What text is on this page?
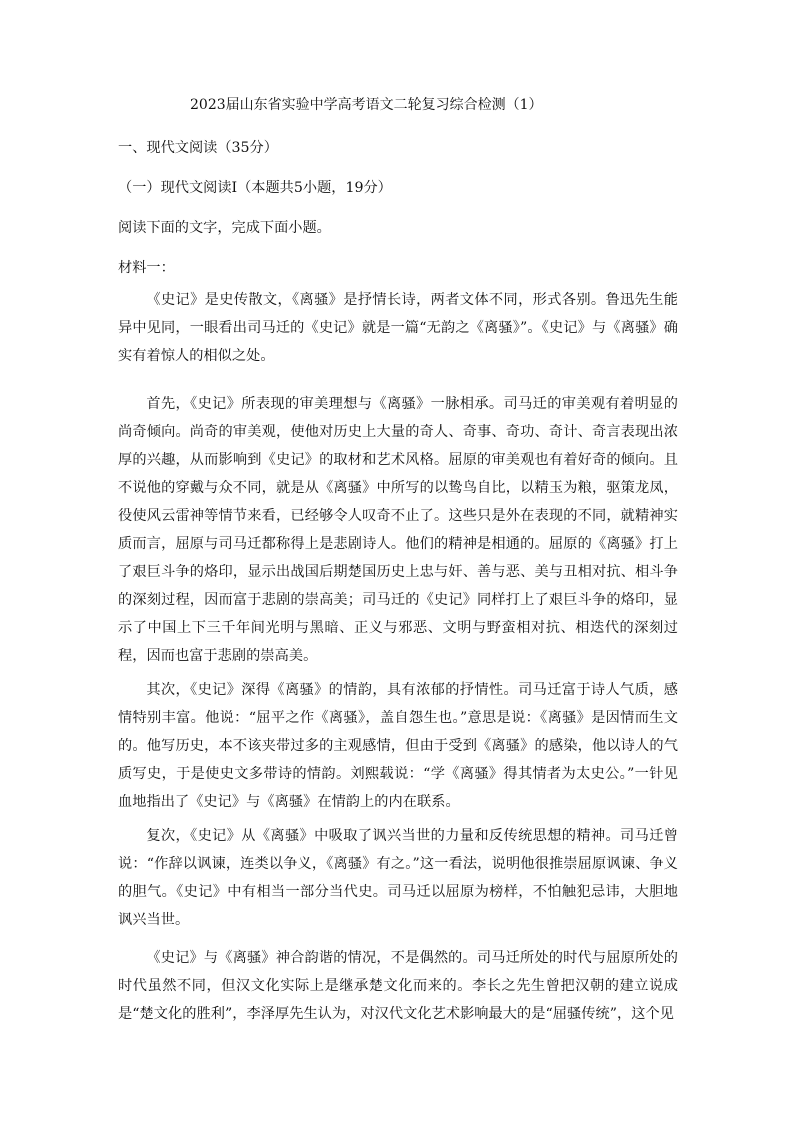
2023届山东省实验中学高考语文二轮复习综合检测（1）
一、现代文阅读（35分）
（一）现代文阅读Ⅰ（本题共5小题，19分）
阅读下面的文字，完成下面小题。
材料一：

《史记》是史传散文，《离骚》是抒情长诗，两者文体不同，形式各别。鲁迅先生能异中见同，一眼看出司马迁的《史记》就是一篇“无韵之《离骚》”。《史记》与《离骚》确实有着惊人的相似之处。

首先，《史记》所表现的审美理想与《离骚》一脉相承。司马迁的审美观有着明显的尚奇倾向。尚奇的审美观，使他对历史上大量的奇人、奇事、奇功、奇计、奇言表现出浓厚的兴趣，从而影响到《史记》的取材和艺术风格。屈原的审美观也有着好奇的倾向。且不说他的穿戴与众不同，就是从《离骚》中所写的以鸷鸟自比，以精玉为粮，驱策龙凤，役使风云雷神等情节来看，已经够令人叹奇不止了。这些只是外在表现的不同，就精神实质而言，屈原与司马迁都称得上是悲剧诗人。他们的精神是相通的。屈原的《离骚》打上了艰巨斗争的烙印，显示出战国后期楚国历史上忠与奸、善与恶、美与丑相对抗、相斗争的深刻过程，因而富于悲剧的崇高美；司马迁的《史记》同样打上了艰巨斗争的烙印，显示了中国上下三千年间光明与黑暗、正义与邪恶、文明与野蛮相对抗、相迭代的深刻过程，因而也富于悲剧的崇高美。

其次，《史记》深得《离骚》的情韵，具有浓郁的抒情性。司马迁富于诗人气质，感情特别丰富。他说：“屈平之作《离骚》，盖自怨生也。”意思是说：《离骚》是因情而生文的。他写历史，本不该夹带过多的主观感情，但由于受到《离骚》的感染，他以诗人的气质写史，于是使史文多带诗的情韵。刘熙载说：“学《离骚》得其情者为太史公。”一针见血地指出了《史记》与《离骚》在情韵上的内在联系。

复次，《史记》从《离骚》中吸取了讽兴当世的力量和反传统思想的精神。司马迁曾说：“作辞以讽谏，连类以争义，《离骚》有之。”这一看法，说明他很推崇屈原讽谏、争义的胆气。《史记》中有相当一部分当代史。司马迁以屈原为榜样，不怕触犯忌讳，大胆地讽兴当世。

《史记》与《离骚》神合韵谐的情况，不是偶然的。司马迁所处的时代与屈原所处的时代虽然不同，但汉文化实际上是继承楚文化而来的。李长之先生曾把汉朝的建立说成是“楚文化的胜利”，李泽厚先生认为，对汉代文化艺术影响最大的是“屈骚传统”，这个见
